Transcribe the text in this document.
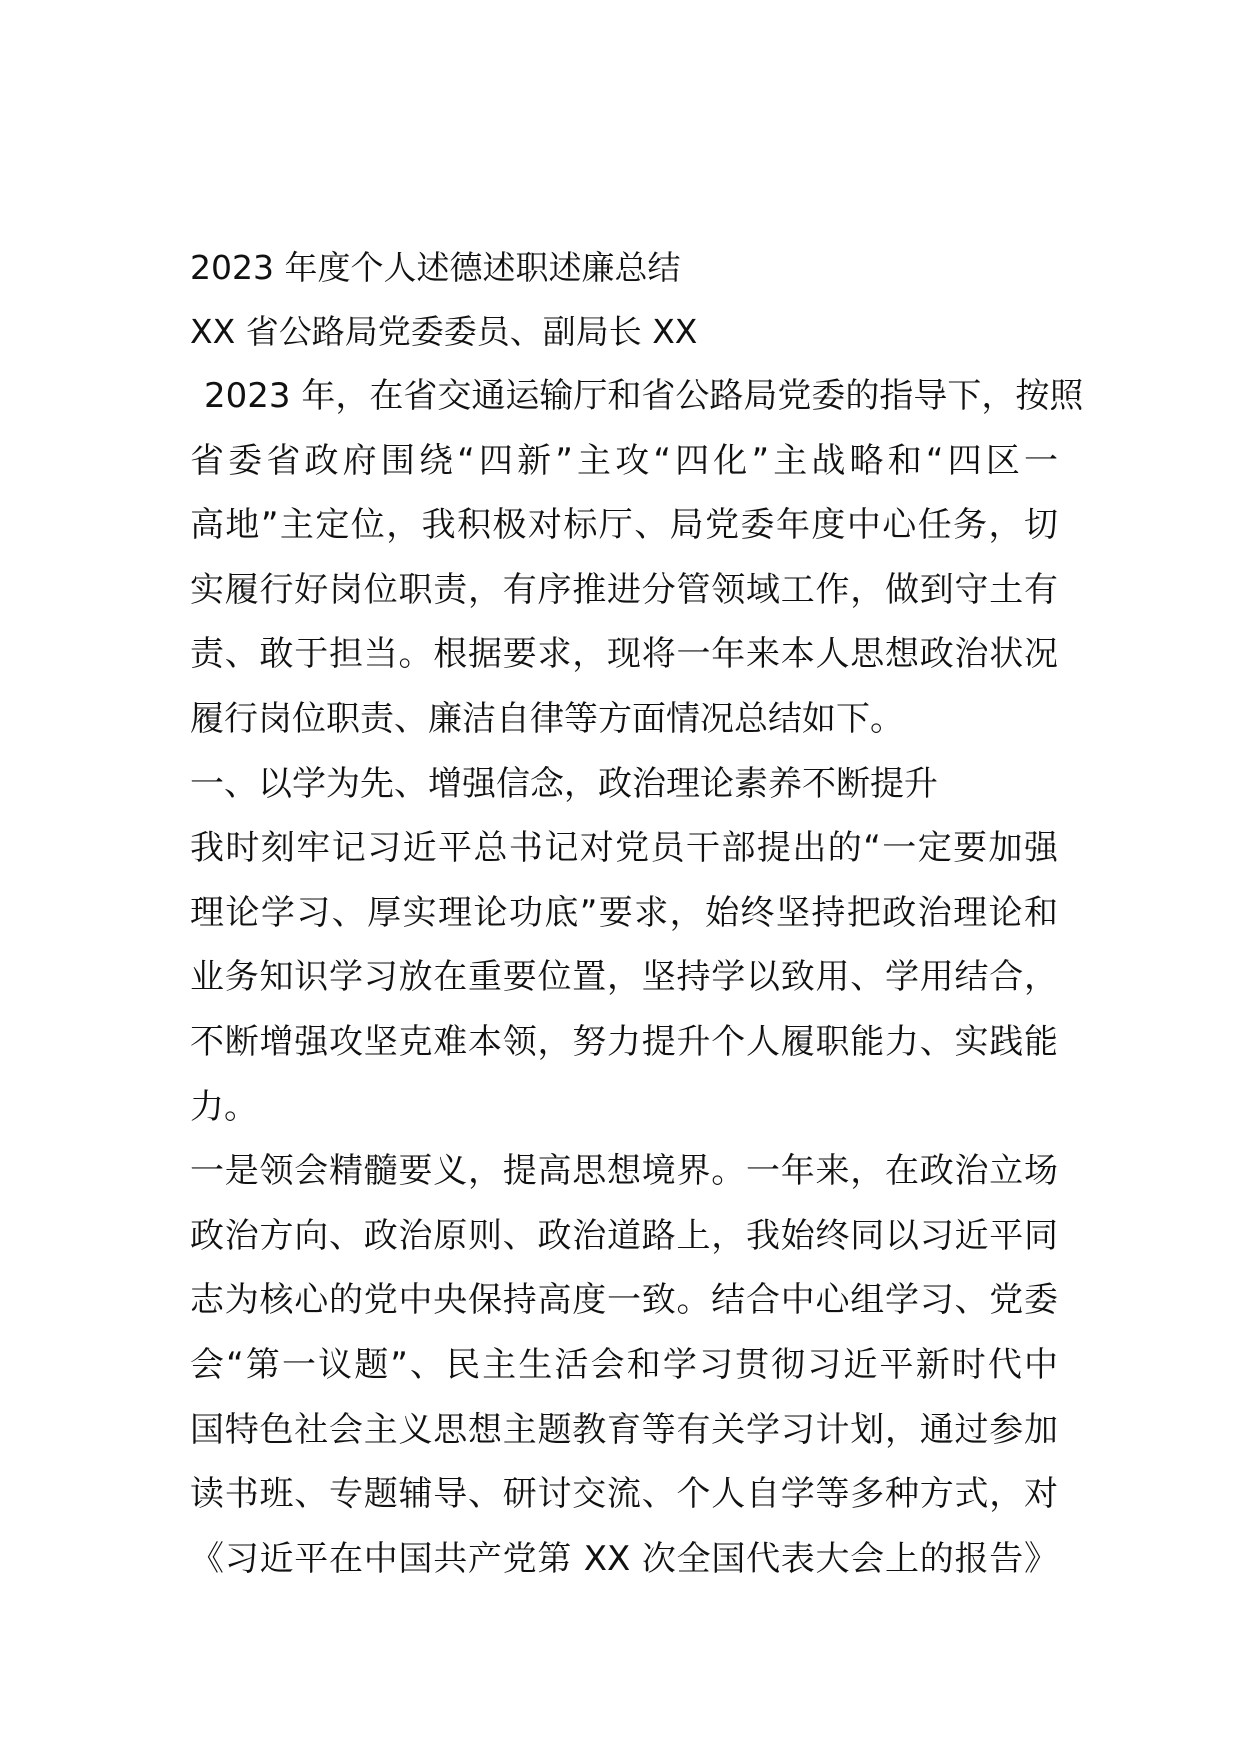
2023 年度个人述德述职述廉总结
XX 省公路局党委委员、副局长 XX
2023 年，在省交通运输厅和省公路局党委的指导下，按照
省委省政府围绕“四新”主攻“四化”主战略和“四区一
高地”主定位，我积极对标厅、局党委年度中心任务，切
实履行好岗位职责，有序推进分管领域工作，做到守土有
责、敢于担当。根据要求，现将一年来本人思想政治状况
履行岗位职责、廉洁自律等方面情况总结如下。
一、以学为先、增强信念，政治理论素养不断提升
我时刻牢记习近平总书记对党员干部提出的“一定要加强
理论学习、厚实理论功底”要求，始终坚持把政治理论和
业务知识学习放在重要位置，坚持学以致用、学用结合，
不断增强攻坚克难本领，努力提升个人履职能力、实践能
力。
一是领会精髓要义，提高思想境界。一年来，在政治立场
政治方向、政治原则、政治道路上，我始终同以习近平同
志为核心的党中央保持高度一致。结合中心组学习、党委
会“第一议题”、民主生活会和学习贯彻习近平新时代中
国特色社会主义思想主题教育等有关学习计划，通过参加
读书班、专题辅导、研讨交流、个人自学等多种方式，对
《习近平在中国共产党第 XX 次全国代表大会上的报告》
